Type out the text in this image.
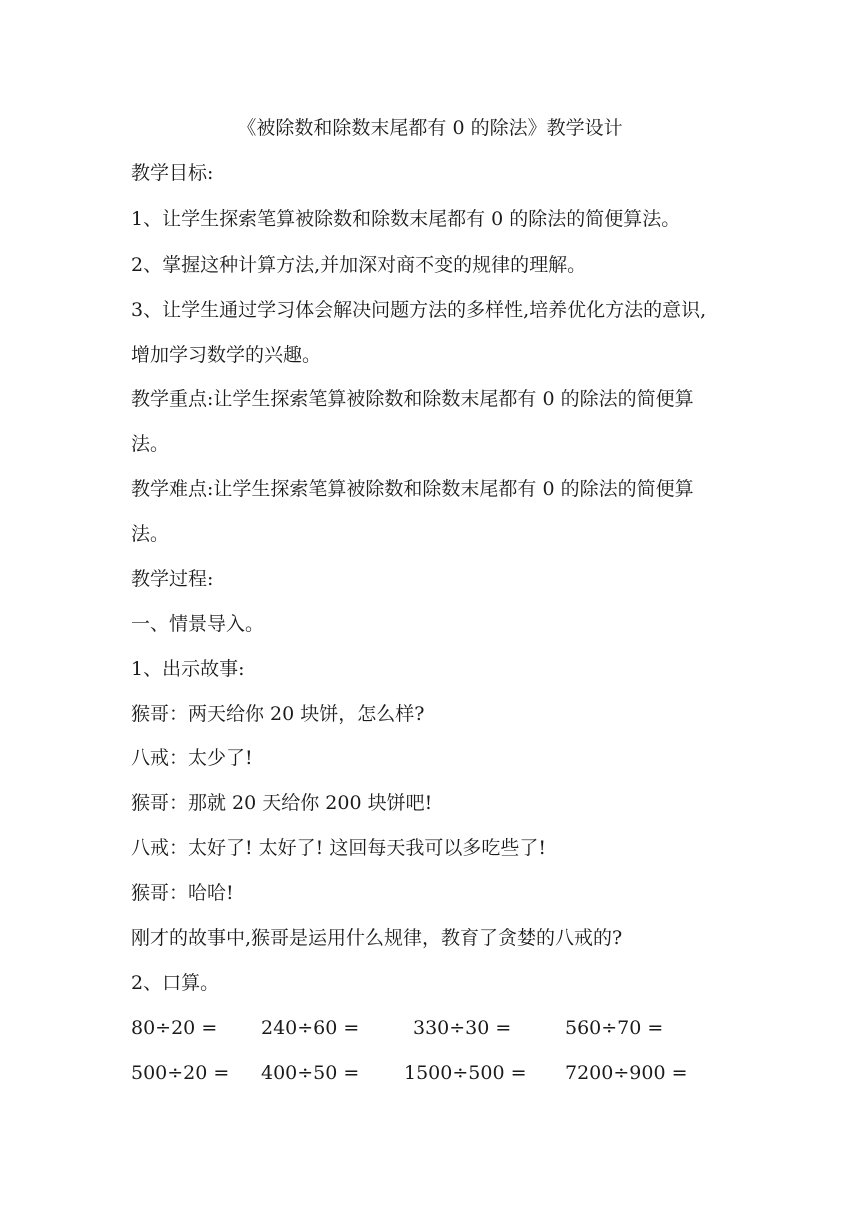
《被除数和除数末尾都有 0 的除法》教学设计
教学目标:
1、让学生探索笔算被除数和除数末尾都有 0 的除法的简便算法。
2、掌握这种计算方法,并加深对商不变的规律的理解。
3、让学生通过学习体会解决问题方法的多样性,培养优化方法的意识,
增加学习数学的兴趣。
教学重点:让学生探索笔算被除数和除数末尾都有 0 的除法的简便算
法。
教学难点:让学生探索笔算被除数和除数末尾都有 0 的除法的简便算
法。
教学过程:
一、情景导入。
1、出示故事:
猴哥：两天给你 20 块饼，怎么样?
八戒：太少了!
猴哥：那就 20 天给你 200 块饼吧!
八戒：太好了! 太好了! 这回每天我可以多吃些了!
猴哥：哈哈!
刚才的故事中,猴哥是运用什么规律，教育了贪婪的八戒的?
2、口算。
80÷20 = 240÷60 =	330÷30 =	560÷70 =
500÷20 = 400÷50 = 1500÷500 = 7200÷900 =
